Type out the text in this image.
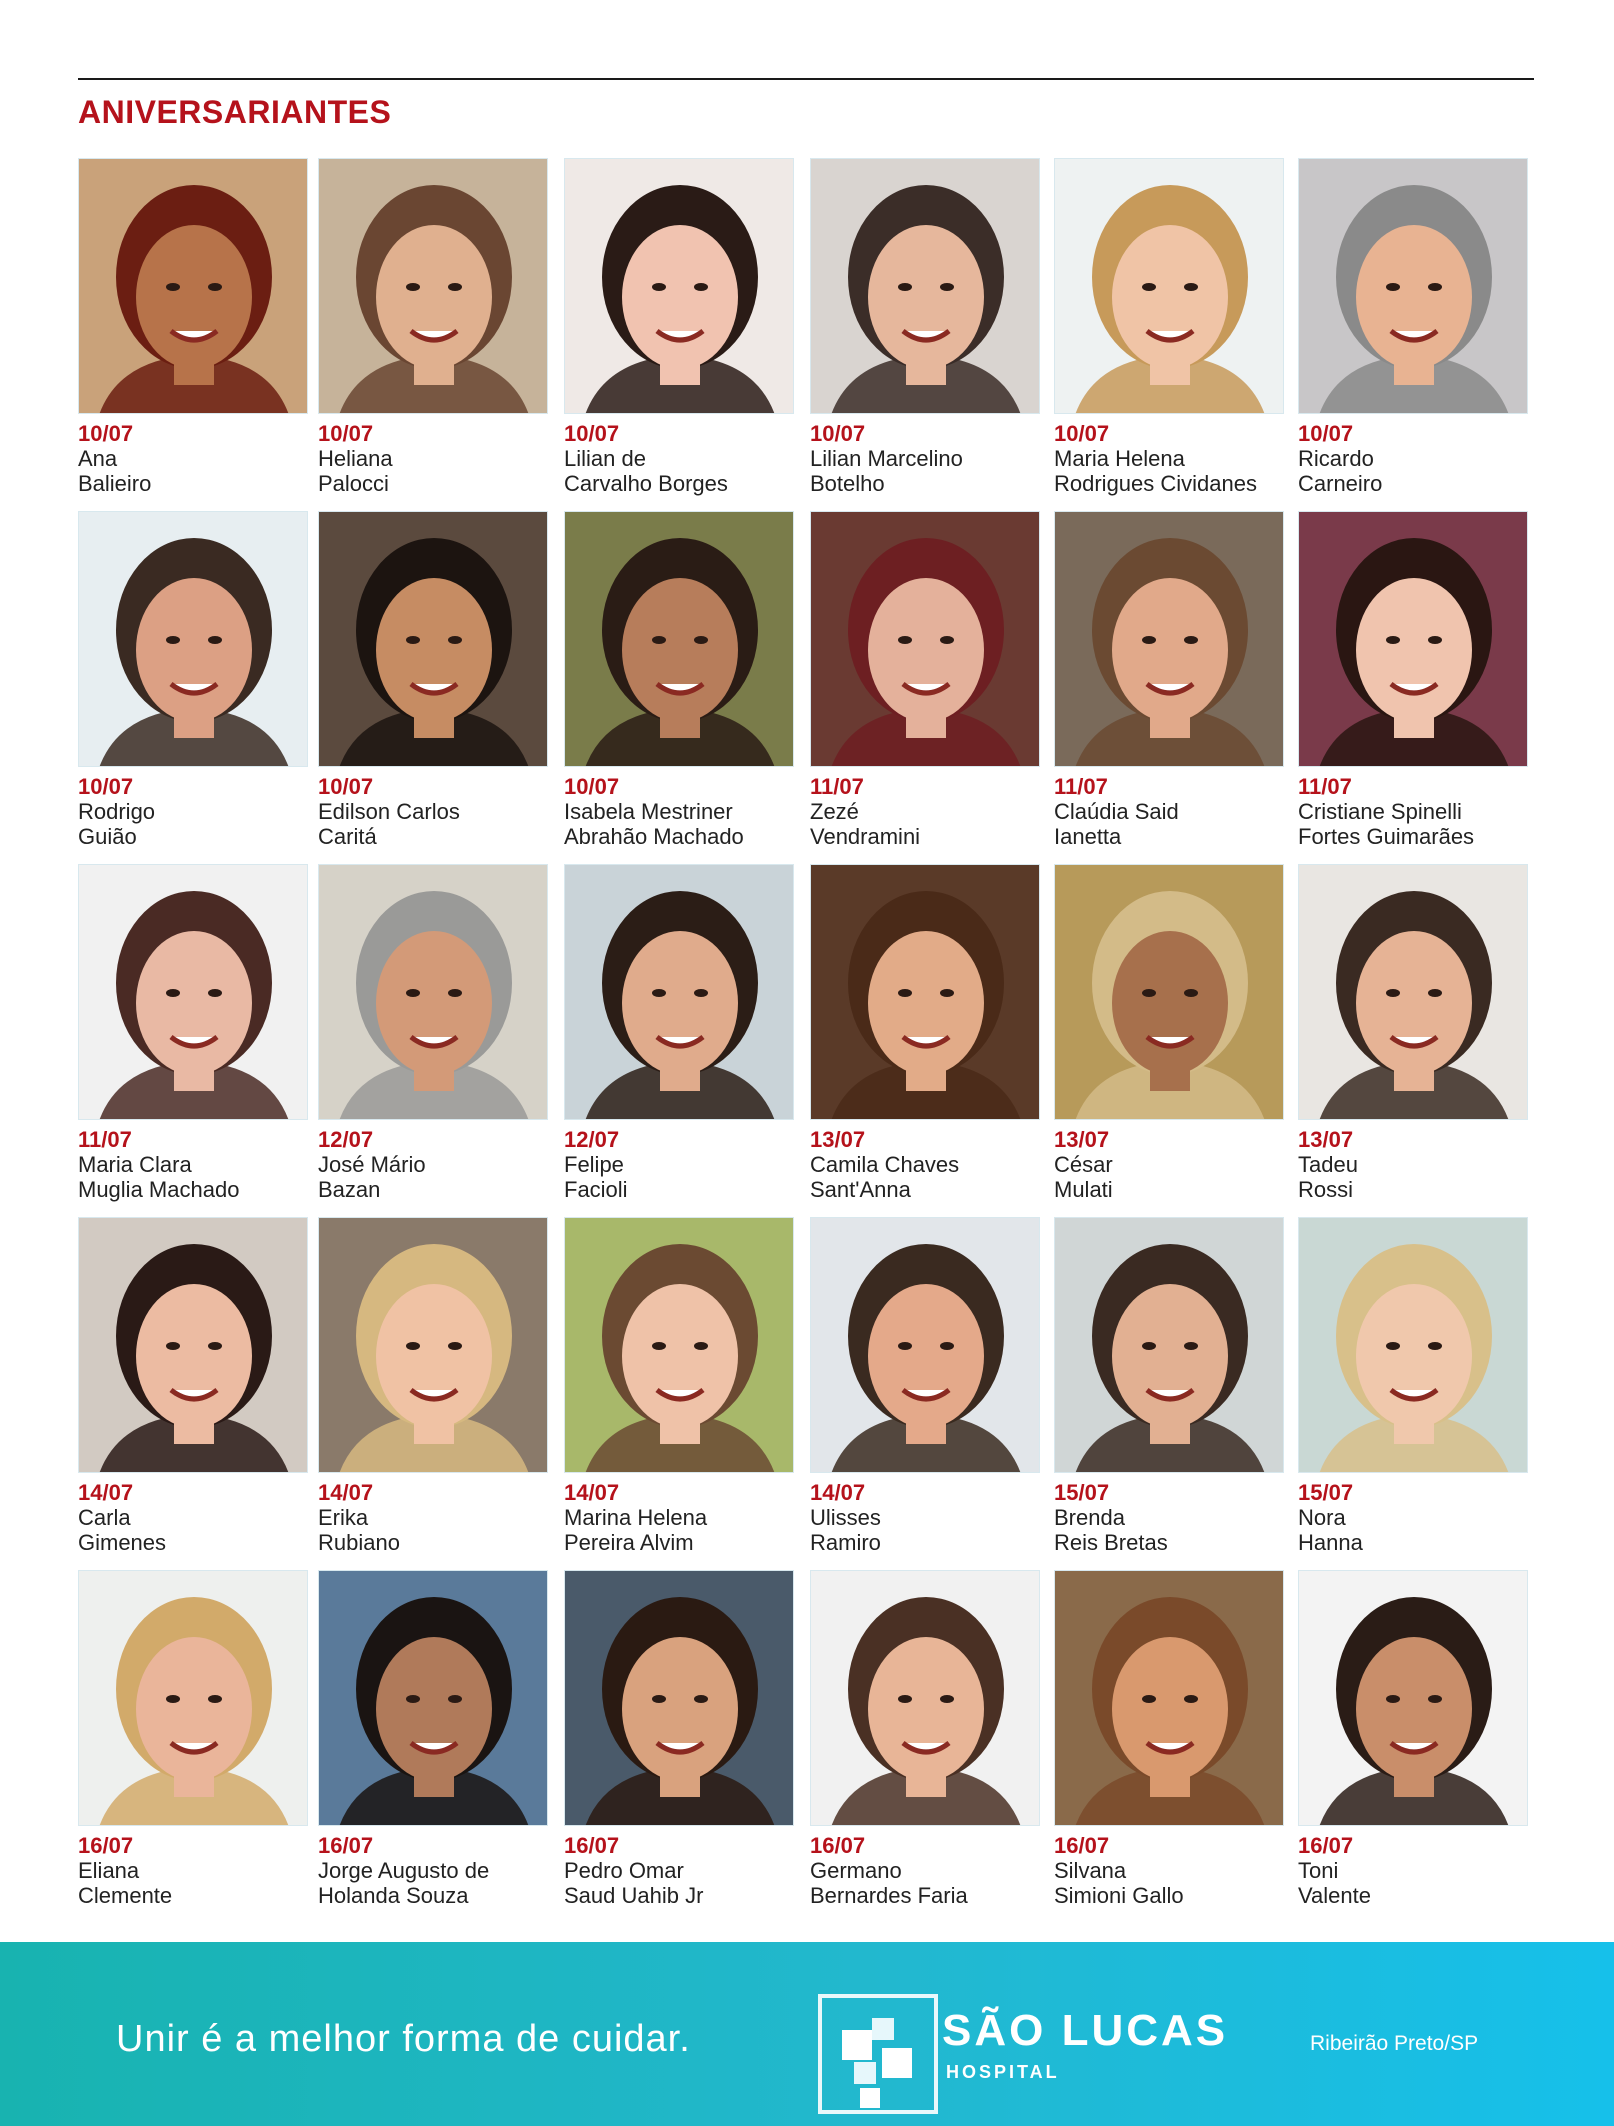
ANIVERSARIANTES
10/07
Ana
Balieiro
10/07
Heliana
Palocci
10/07
Lilian de
Carvalho Borges
10/07
Lilian Marcelino
Botelho
10/07
Maria Helena
Rodrigues Cividanes
10/07
Ricardo
Carneiro
10/07
Rodrigo
Guião
10/07
Edilson Carlos
Caritá
10/07
Isabela Mestriner
Abrahão Machado
11/07
Zezé
Vendramini
11/07
Claúdia Said
Ianetta
11/07
Cristiane Spinelli
Fortes Guimarães
11/07
Maria Clara
Muglia Machado
12/07
José Mário
Bazan
12/07
Felipe
Facioli
13/07
Camila Chaves
Sant'Anna
13/07
César
Mulati
13/07
Tadeu
Rossi
14/07
Carla
Gimenes
14/07
Erika
Rubiano
14/07
Marina Helena
Pereira Alvim
14/07
Ulisses
Ramiro
15/07
Brenda
Reis Bretas
15/07
Nora
Hanna
16/07
Eliana
Clemente
16/07
Jorge Augusto de
Holanda Souza
16/07
Pedro Omar
Saud Uahib Jr
16/07
Germano
Bernardes Faria
16/07
Silvana
Simioni Gallo
16/07
Toni
Valente
Unir é a melhor forma de cuidar.	SÃO LUCAS
HOSPITAL
Ribeirão Preto/SP
